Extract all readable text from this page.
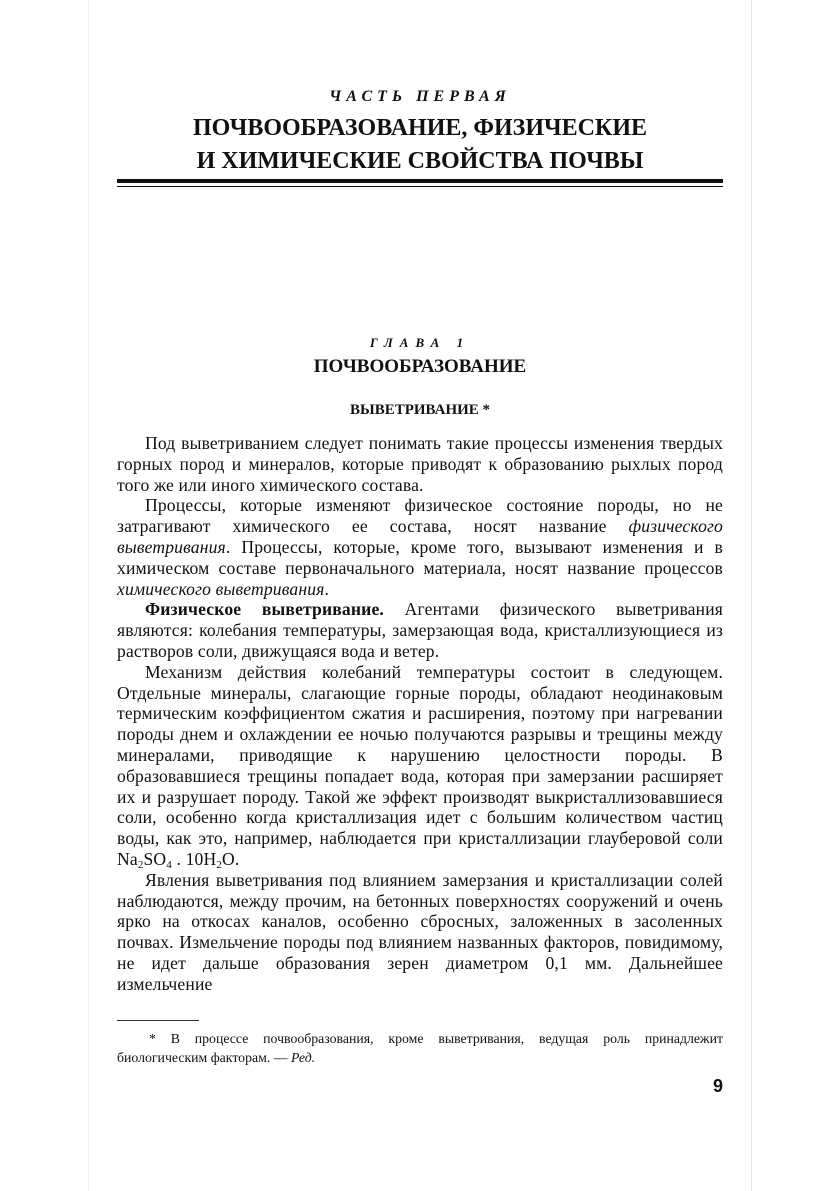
ЧАСТЬ ПЕРВАЯ
ПОЧВООБРАЗОВАНИЕ, ФИЗИЧЕСКИЕ
И ХИМИЧЕСКИЕ СВОЙСТВА ПОЧВЫ
ГЛАВА 1
ПОЧВООБРАЗОВАНИЕ
ВЫВЕТРИВАНИЕ *

Под выветриванием следует понимать такие процессы изменения твердых горных пород и минералов, которые приводят к образованию рыхлых пород того же или иного химического состава.

Процессы, которые изменяют физическое состояние породы, но не затрагивают химического ее состава, носят название физического выветривания. Процессы, которые, кроме того, вызывают изменения и в химическом составе первоначального материала, носят название процессов химического выветривания.

Физическое выветривание. Агентами физического выветривания являются: колебания температуры, замерзающая вода, кристаллизующиеся из растворов соли, движущаяся вода и ветер.

Механизм действия колебаний температуры состоит в следующем. Отдельные минералы, слагающие горные породы, обладают неодинаковым термическим коэффициентом сжатия и расширения, поэтому при нагревании породы днем и охлаждении ее ночью получаются разрывы и трещины между минералами, приводящие к нарушению целостности породы. В образовавшиеся трещины попадает вода, которая при замерзании расширяет их и разрушает породу. Такой же эффект производят выкристаллизовавшиеся соли, особенно когда кристаллизация идет с большим количеством частиц воды, как это, например, наблюдается при кристаллизации глауберовой соли $Na_2SO_4$ . $10H_2O$.

Явления выветривания под влиянием замерзания и кристаллизации солей наблюдаются, между прочим, на бетонных поверхностях сооружений и очень ярко на откосах каналов, особенно сбросных, заложенных в засоленных почвах. Измельчение породы под влиянием названных факторов, повидимому, не идет дальше образования зерен диаметром 0,1 мм. Дальнейшее измельчение

* В процессе почвообразования, кроме выветривания, ведущая роль принадлежит биологическим факторам. — Ред.

9
